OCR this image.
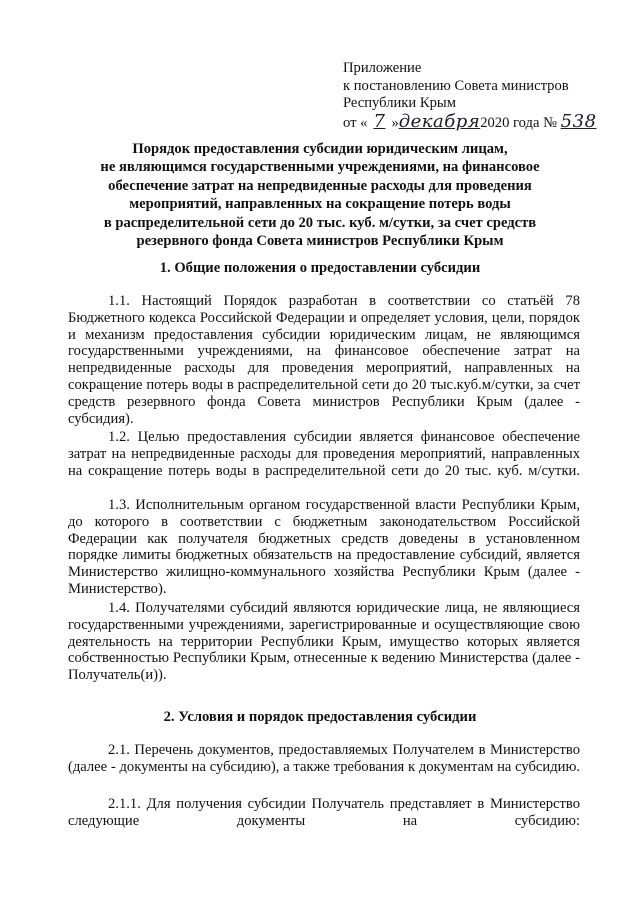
Приложение
к постановлению Совета министров
Республики Крым
от « 7 »декабря2020 года № 538
Порядок предоставления субсидии юридическим лицам,
не являющимся государственными учреждениями, на финансовое
обеспечение затрат на непредвиденные расходы для проведения
мероприятий, направленных на сокращение потерь воды
в распределительной сети до 20 тыс. куб. м/сутки, за счет средств
резервного фонда Совета министров Республики Крым
1. Общие положения о предоставлении субсидии
1.1. Настоящий Порядок разработан в соответствии со статьёй 78 Бюджетного кодекса Российской Федерации и определяет условия, цели, порядок и механизм предоставления субсидии юридическим лицам, не являющимся государственными учреждениями, на финансовое обеспечение затрат на непредвиденные расходы для проведения мероприятий, направленных на сокращение потерь воды в распределительной сети до 20 тыс.куб.м/сутки, за счет средств резервного фонда Совета министров Республики Крым (далее - субсидия).
1.2. Целью предоставления субсидии является финансовое обеспечение затрат на непредвиденные расходы для проведения мероприятий, направленных на сокращение потерь воды в распределительной сети до 20 тыс. куб. м/сутки.
1.3. Исполнительным органом государственной власти Республики Крым, до которого в соответствии с бюджетным законодательством Российской Федерации как получателя бюджетных средств доведены в установленном порядке лимиты бюджетных обязательств на предоставление субсидий, является Министерство жилищно-коммунального хозяйства Республики Крым (далее - Министерство).
1.4. Получателями субсидий являются юридические лица, не являющиеся государственными учреждениями, зарегистрированные и осуществляющие свою деятельность на территории Республики Крым, имущество которых является собственностью Республики Крым, отнесенные к ведению Министерства (далее - Получатель(и)).
2. Условия и порядок предоставления субсидии
2.1. Перечень документов, предоставляемых Получателем в Министерство (далее - документы на субсидию), а также требования к документам на субсидию.
2.1.1. Для получения субсидии Получатель представляет в Министерство следующие документы на субсидию:
